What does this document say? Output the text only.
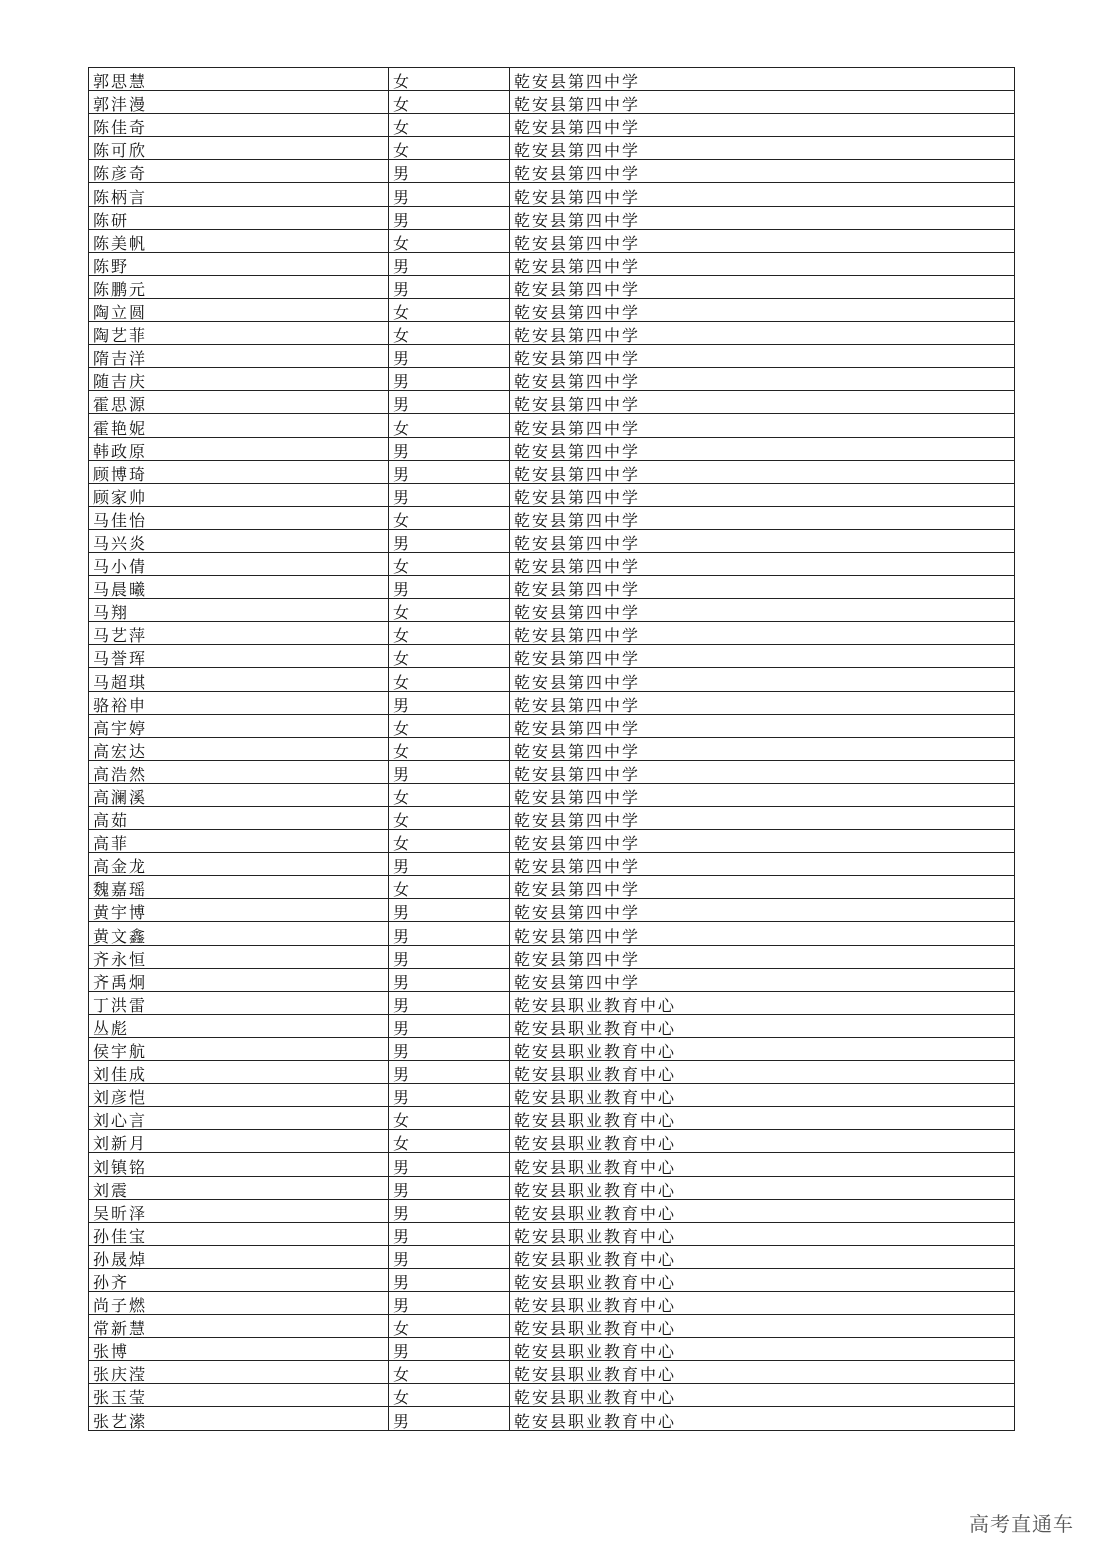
郭思慧	女	乾安县第四中学
郭沣漫	女	乾安县第四中学
陈佳奇	女	乾安县第四中学
陈可欣	女	乾安县第四中学
陈彦奇	男	乾安县第四中学
陈柄言	男	乾安县第四中学
陈研	男	乾安县第四中学
陈美帆	女	乾安县第四中学
陈野	男	乾安县第四中学
陈鹏元	男	乾安县第四中学
陶立圆	女	乾安县第四中学
陶艺菲	女	乾安县第四中学
隋吉洋	男	乾安县第四中学
随吉庆	男	乾安县第四中学
霍思源	男	乾安县第四中学
霍艳妮	女	乾安县第四中学
韩政原	男	乾安县第四中学
顾博琦	男	乾安县第四中学
顾家帅	男	乾安县第四中学
马佳怡	女	乾安县第四中学
马兴炎	男	乾安县第四中学
马小倩	女	乾安县第四中学
马晨曦	男	乾安县第四中学
马翔	女	乾安县第四中学
马艺萍	女	乾安县第四中学
马誉珲	女	乾安县第四中学
马超琪	女	乾安县第四中学
骆裕申	男	乾安县第四中学
高宇婷	女	乾安县第四中学
高宏达	女	乾安县第四中学
高浩然	男	乾安县第四中学
高澜溪	女	乾安县第四中学
高茹	女	乾安县第四中学
高菲	女	乾安县第四中学
高金龙	男	乾安县第四中学
魏嘉瑶	女	乾安县第四中学
黄宇博	男	乾安县第四中学
黄文鑫	男	乾安县第四中学
齐永恒	男	乾安县第四中学
齐禹炯	男	乾安县第四中学
丁洪雷	男	乾安县职业教育中心
丛彪	男	乾安县职业教育中心
侯宇航	男	乾安县职业教育中心
刘佳成	男	乾安县职业教育中心
刘彦恺	男	乾安县职业教育中心
刘心言	女	乾安县职业教育中心
刘新月	女	乾安县职业教育中心
刘镇铭	男	乾安县职业教育中心
刘震	男	乾安县职业教育中心
吴昕泽	男	乾安县职业教育中心
孙佳宝	男	乾安县职业教育中心
孙晟焯	男	乾安县职业教育中心
孙齐	男	乾安县职业教育中心
尚子燃	男	乾安县职业教育中心
常新慧	女	乾安县职业教育中心
张博	男	乾安县职业教育中心
张庆滢	女	乾安县职业教育中心
张玉莹	女	乾安县职业教育中心
张艺潆	男	乾安县职业教育中心
高考直通车
